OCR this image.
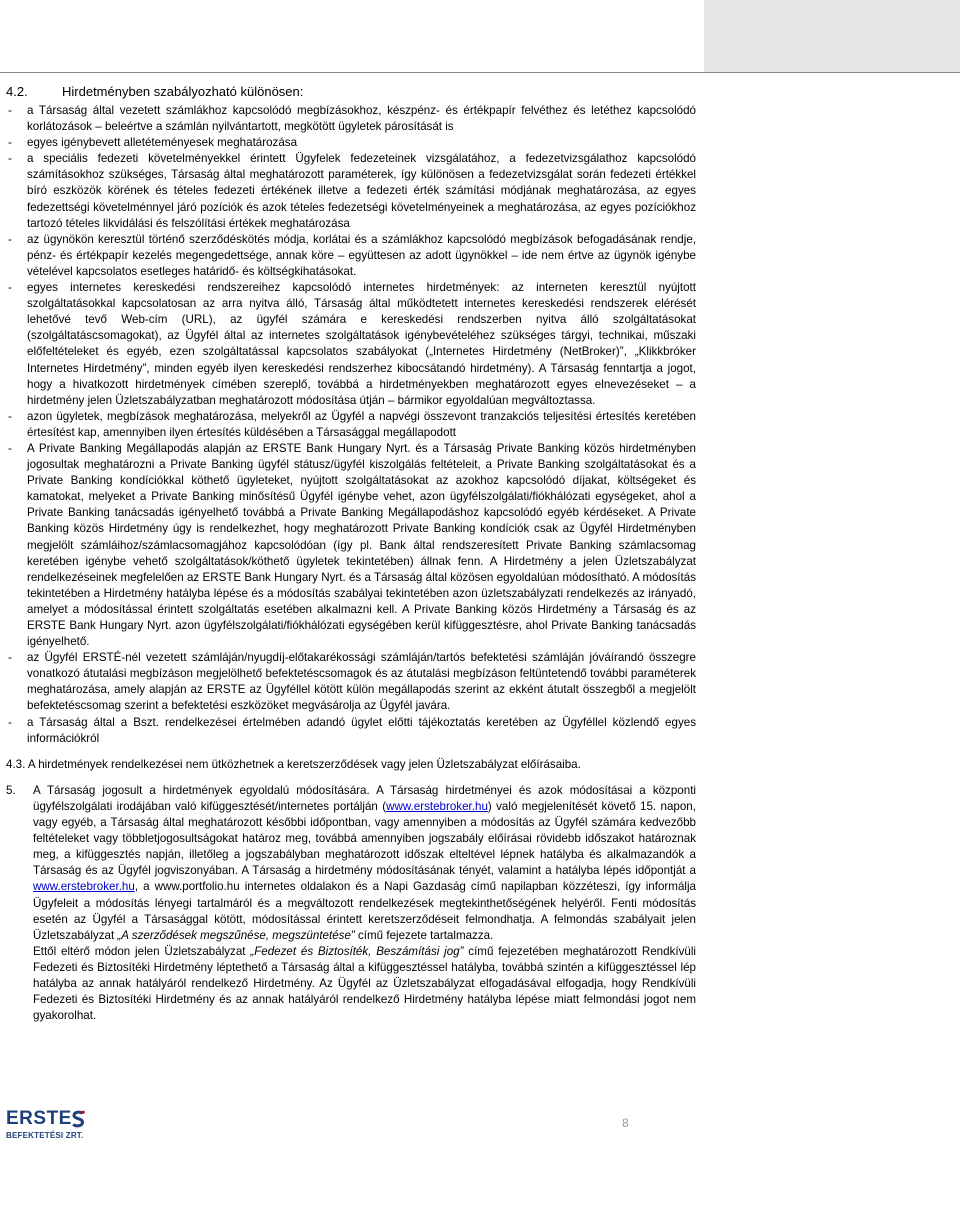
4.2.	Hirdetményben szabályozható különösen:
- a Társaság által vezetett számlákhoz kapcsolódó megbízásokhoz, készpénz- és értékpapír felvéthez és letéthez kapcsolódó korlátozások – beleértve a számlán nyilvántartott, megkötött ügyletek párosítását is
- egyes igénybevett alletéteményesek meghatározása
- a speciális fedezeti követelményekkel érintett Ügyfelek fedezeteinek vizsgálatához, a fedezetvizsgálathoz kapcsolódó számításokhoz szükséges, Társaság által meghatározott paraméterek, így különösen a fedezetvizsgálat során fedezeti értékkel bíró eszközök körének és tételes fedezeti értékének illetve a fedezeti érték számítási módjának meghatározása, az egyes fedezettségi követelménnyel járó pozíciók és azok tételes fedezetségi követelményeinek a meghatározása, az egyes pozíciókhoz tartozó tételes likvidálási és felszólítási értékek meghatározása
- az ügynökön keresztül történő szerződéskötés módja, korlátai és a számlákhoz kapcsolódó megbízások befogadásának rendje, pénz- és értékpapír kezelés megengedettsége, annak köre – együttesen az adott ügynökkel – ide nem értve az ügynök igénybe vételével kapcsolatos esetleges határidő- és költségkihatásokat.
- egyes internetes kereskedési rendszereihez kapcsolódó internetes hirdetmények: az interneten keresztül nyújtott szolgáltatásokkal kapcsolatosan az arra nyitva álló, Társaság által működtetett internetes kereskedési rendszerek elérését lehetővé tevő Web-cím (URL), az ügyfél számára e kereskedési rendszerben nyitva álló szolgáltatásokat (szolgáltatáscsomagokat), az Ügyfél által az internetes szolgáltatások igénybevételéhez szükséges tárgyi, technikai, műszaki előfeltételeket és egyéb, ezen szolgáltatással kapcsolatos szabályokat („Internetes Hirdetmény (NetBroker)”, „Klikkbróker Internetes Hirdetmény”, minden egyéb ilyen kereskedési rendszerhez kibocsátandó hirdetmény). A Társaság fenntartja a jogot, hogy a hivatkozott hirdetmények címében szereplő, továbbá a hirdetményekben meghatározott egyes elnevezéseket – a hirdetmény jelen Üzletszabályzatban meghatározott módosítása útján – bármikor egyoldalúan megváltoztassa.
- azon ügyletek, megbízások meghatározása, melyekről az Ügyfél a napvégi összevont tranzakciós teljesítési értesítés keretében értesítést kap, amennyiben ilyen értesítés küldésében a Társasággal megállapodott
- A Private Banking Megállapodás alapján az ERSTE Bank Hungary Nyrt. és a Társaság Private Banking közös hirdetményben jogosultak meghatározni a Private Banking ügyfél státusz/ügyfél kiszolgálás feltételeit, a Private Banking szolgáltatásokat és a Private Banking kondíciókkal köthető ügyleteket, nyújtott szolgáltatásokat az azokhoz kapcsolódó díjakat, költségeket és kamatokat, melyeket a Private Banking minősítésű Ügyfél igénybe vehet, azon ügyfélszolgálati/fiókhálózati egységeket, ahol a Private Banking tanácsadás igényelhető továbbá a Private Banking Megállapodáshoz kapcsolódó egyéb kérdéseket. A Private Banking közös Hirdetmény úgy is rendelkezhet, hogy meghatározott Private Banking kondíciók csak az Ügyfél Hirdetményben megjelölt számláihoz/számlacsomagjához kapcsolódóan (így pl. Bank által rendszeresített Private Banking számlacsomag keretében igénybe vehető szolgáltatások/köthető ügyletek tekintetében) állnak fenn. A Hirdetmény a jelen Üzletszabályzat rendelkezéseinek megfelelően az ERSTE Bank Hungary Nyrt. és a Társaság által közösen egyoldalúan módosítható. A módosítás tekintetében a Hirdetmény hatályba lépése és a módosítás szabályai tekintetében azon üzletszabályzati rendelkezés az irányadó, amelyet a módosítással érintett szolgáltatás esetében alkalmazni kell. A Private Banking közös Hirdetmény a Társaság és az ERSTE Bank Hungary Nyrt. azon ügyfélszolgálati/fiókhálózati egységében kerül kifüggesztésre, ahol Private Banking tanácsadás igényelhető.
- az Ügyfél ERSTÉ-nél vezetett számláján/nyugdíj-előtakarékossági számláján/tartós befektetési számláján jóváírandó összegre vonatkozó átutalási megbízáson megjelölhető befektetéscsomagok és az átutalási megbízáson feltüntetendő további paraméterek meghatározása, amely alapján az ERSTE az Ügyféllel kötött külön megállapodás szerint az ekként átutalt összegből a megjelölt befektetéscsomag szerint a befektetési eszközöket megvásárolja az Ügyfél javára.
- a Társaság által a Bszt. rendelkezései értelmében adandó ügylet előtti tájékoztatás keretében az Ügyféllel közlendő egyes információkról
4.3. A hirdetmények rendelkezései nem ütközhetnek a keretszerződések vagy jelen Üzletszabályzat előírásaiba.
5. A Társaság jogosult a hirdetmények egyoldalú módosítására. A Társaság hirdetményei és azok módosításai a központi ügyfélszolgálati irodájában való kifüggesztését/internetes portálján (www.erstebroker.hu) való megjelenítését követő 15. napon, vagy egyéb, a Társaság által meghatározott későbbi időpontban, vagy amennyiben a módosítás az Ügyfél számára kedvezőbb feltételeket vagy többletjogosultságokat határoz meg, továbbá amennyiben jogszabály előírásai rövidebb időszakot határoznak meg, a kifüggesztés napján, illetőleg a jogszabályban meghatározott időszak elteltével lépnek hatályba és alkalmazandók a Társaság és az Ügyfél jogviszonyában. A Társaság a hirdetmény módosításának tényét, valamint a hatályba lépés időpontját a www.erstebroker.hu, a www.portfolio.hu internetes oldalakon és a Napi Gazdaság című napilapban közzéteszi, így informálja Ügyfeleit a módosítás lényegi tartalmáról és a megváltozott rendelkezések megtekinthetőségének helyéről. Fenti módosítás esetén az Ügyfél a Társasággal kötött, módosítással érintett keretszerződéseit felmondhatja. A felmondás szabályait jelen Üzletszabályzat „A szerződések megszűnése, megszüntetése” című fejezete tartalmazza.

Ettől eltérő módon jelen Üzletszabályzat „Fedezet és Biztosíték, Beszámítási jog” című fejezetében meghatározott Rendkívüli Fedezeti és Biztosítéki Hirdetmény léptethető a Társaság által a kifüggesztéssel hatályba, továbbá szintén a kifüggesztéssel lép hatályba az annak hatályáról rendelkező Hirdetmény. Az Ügyfél az Üzletszabályzat elfogadásával elfogadja, hogy Rendkívüli Fedezeti és Biztosítéki Hirdetmény és az annak hatályáról rendelkező Hirdetmény hatályba lépése miatt felmondási jogot nem gyakorolhat.

ERSTE
BEFEKTETÉSI ZRT.
8
